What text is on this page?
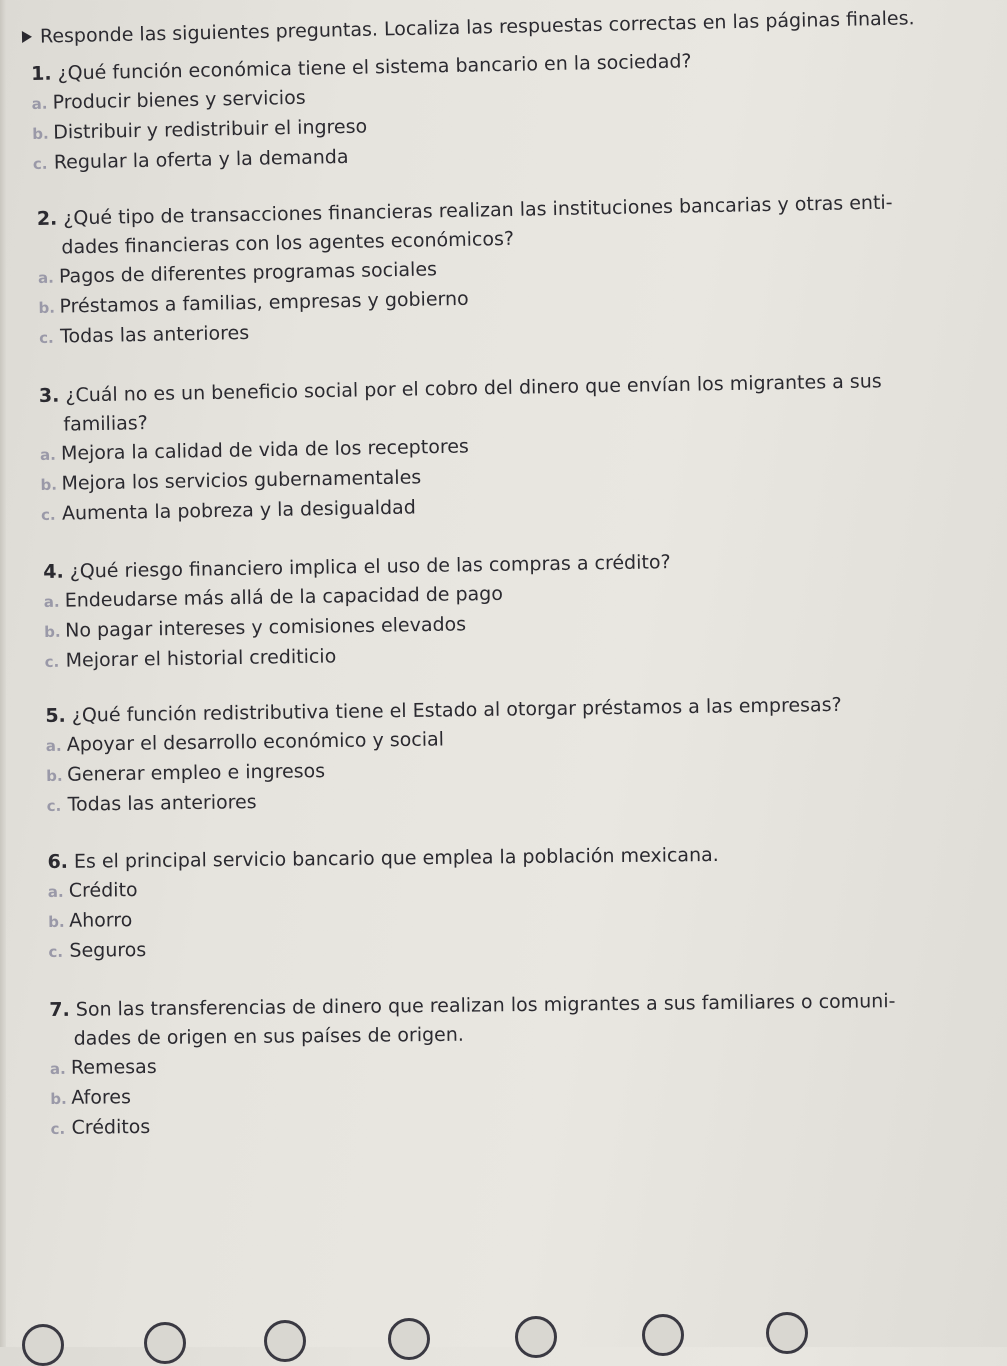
Responde las siguientes preguntas. Localiza las respuestas correctas en las páginas finales.
1. ¿Qué función económica tiene el sistema bancario en la sociedad?
a. Producir bienes y servicios
b. Distribuir y redistribuir el ingreso
c. Regular la oferta y la demanda
2. ¿Qué tipo de transacciones financieras realizan las instituciones bancarias y otras enti-
dades financieras con los agentes económicos?
a. Pagos de diferentes programas sociales
b. Préstamos a familias, empresas y gobierno
c. Todas las anteriores
3. ¿Cuál no es un beneficio social por el cobro del dinero que envían los migrantes a sus
familias?
a. Mejora la calidad de vida de los receptores
b. Mejora los servicios gubernamentales
c. Aumenta la pobreza y la desigualdad
4. ¿Qué riesgo financiero implica el uso de las compras a crédito?
a. Endeudarse más allá de la capacidad de pago
b. No pagar intereses y comisiones elevados
c. Mejorar el historial crediticio
5. ¿Qué función redistributiva tiene el Estado al otorgar préstamos a las empresas?
a. Apoyar el desarrollo económico y social
b. Generar empleo e ingresos
c. Todas las anteriores
6. Es el principal servicio bancario que emplea la población mexicana.
a. Crédito
b. Ahorro
c. Seguros
7. Son las transferencias de dinero que realizan los migrantes a sus familiares o comuni-
dades de origen en sus países de origen.
a. Remesas
b. Afores
c. Créditos
